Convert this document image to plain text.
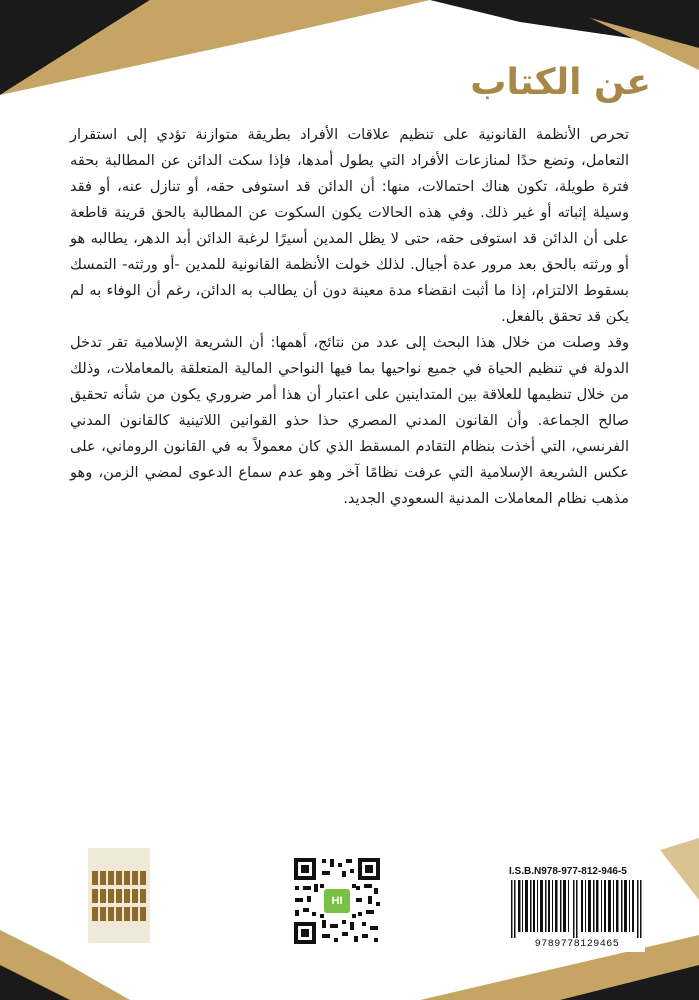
عن الكتاب

تحرص الأنظمة القانونية على تنظيم علاقات الأفراد بطريقة متوازنة تؤدي إلى استقرار التعامل، وتضع حدًا لمنازعات الأفراد التي يطول أمدها، فإذا سكت الدائن عن المطالبة بحقه فترة طويلة، تكون هناك احتمالات، منها: أن الدائن قد استوفى حقه، أو تنازل عنه، أو فقد وسيلة إثباته أو غير ذلك. وفي هذه الحالات يكون السكوت عن المطالبة بالحق قرينة قاطعة على أن الدائن قد استوفى حقه، حتى لا يظل المدين أسيرًا لرغبة الدائن أبد الدهر، يطالبه هو أو ورثته بالحق بعد مرور عدة أجيال. لذلك خولت الأنظمة القانونية للمدين -أو ورثته- التمسك بسقوط الالتزام، إذا ما أثبت انقضاء مدة معينة دون أن يطالب به الدائن، رغم أن الوفاء به لم يكن قد تحقق بالفعل.

وقد وصلت من خلال هذا البحث إلى عدد من نتائج، أهمها: أن الشريعة الإسلامية تقر تدخل الدولة في تنظيم الحياة في جميع نواحيها بما فيها النواحي المالية المتعلقة بالمعاملات، وذلك من خلال تنظيمها للعلاقة بين المتداينين على اعتبار أن هذا أمر ضروري يكون من شأنه تحقيق صالح الجماعة. وأن القانون المدني المصري حذا حذو القوانين اللاتينية كالقانون المدني الفرنسي، التي أخذت بنظام التقادم المسقط الذي كان معمولاً به في القانون الروماني، على عكس الشريعة الإسلامية التي عرفت نظامًا آخر وهو عدم سماع الدعوى لمضي الزمن، وهو مذهب نظام المعاملات المدنية السعودي الجديد.

HI
I.S.B.N978-977-812-946-5
9789778129465
